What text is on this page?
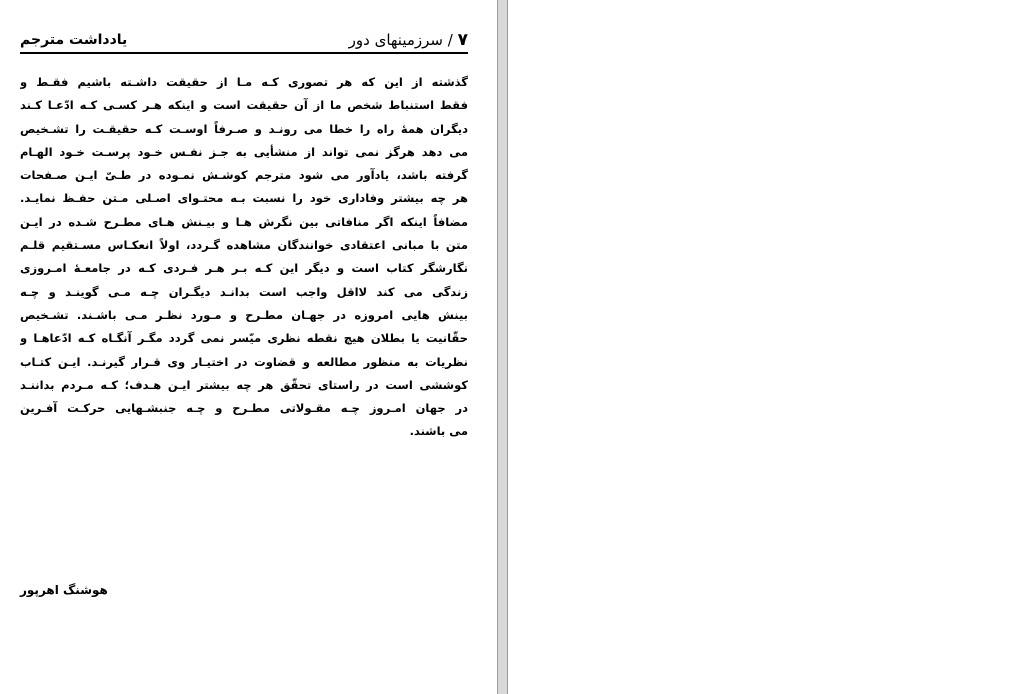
یادداشت مترجم	۷ / سرزمینهای دور
گذشته از این که هر تصوری کـه مـا از حقیقت داشـته باشیم فقـط و
فقط استنباط شخص ما از آن حقیقت است و اینکه هـر کسـی کـه ادّعـا کـند
دیگران همهٔ راه را خطا می رونـد و صـرفاً اوسـت کـه حقیقـت را تشـخیص
می دهد هرگز نمی تواند از منشأیی به جـز نفـس خـود پرسـت خـود الهـام
گرفته باشد، یادآور می شود مترجم کوشـش نمـوده در طـیّ ایـن صـفحات
هر چه بیشتر وفاداری خود را نسبت بـه محتـوای اصـلی مـتن حفـظ نمایـد.
مضافاً اینکه اگر منافاتی بین نگرش هـا و بیـنش هـای مطـرح شـده در ایـن
متن با مبانی اعتقادی خوانندگان مشاهده گـردد، اولاً انعکـاس مسـتقیم قلـم
نگارشگر کتاب است و دیگر این کـه بـر هـر فـردی کـه در جامعـهٔ امـروزی
زندگی می کند لااقل واجب است بدانـد دیگـران چـه مـی گوینـد و چـه
بینش هایی امروزه در جهـان مطـرح و مـورد نظـر مـی باشـند. تشـخیص
حقّانیت یا بطلان هیچ نقطه نظری میّسر نمی گردد مگـر آنگـاه کـه ادّعاهـا و
نظریات به منظور مطالعه و قضاوت در اختیـار وی قـرار گیرنـد. ایـن کتـاب
کوششی است در راستای تحقّق هر چه بیشتر ایـن هـدف؛ کـه مـردم بداننـد
در جهان امـروز چـه مقـولاتی مطـرح و چـه جنبشـهایی حرکـت آفـرین
می باشند.
هوشنگ اهرپور
